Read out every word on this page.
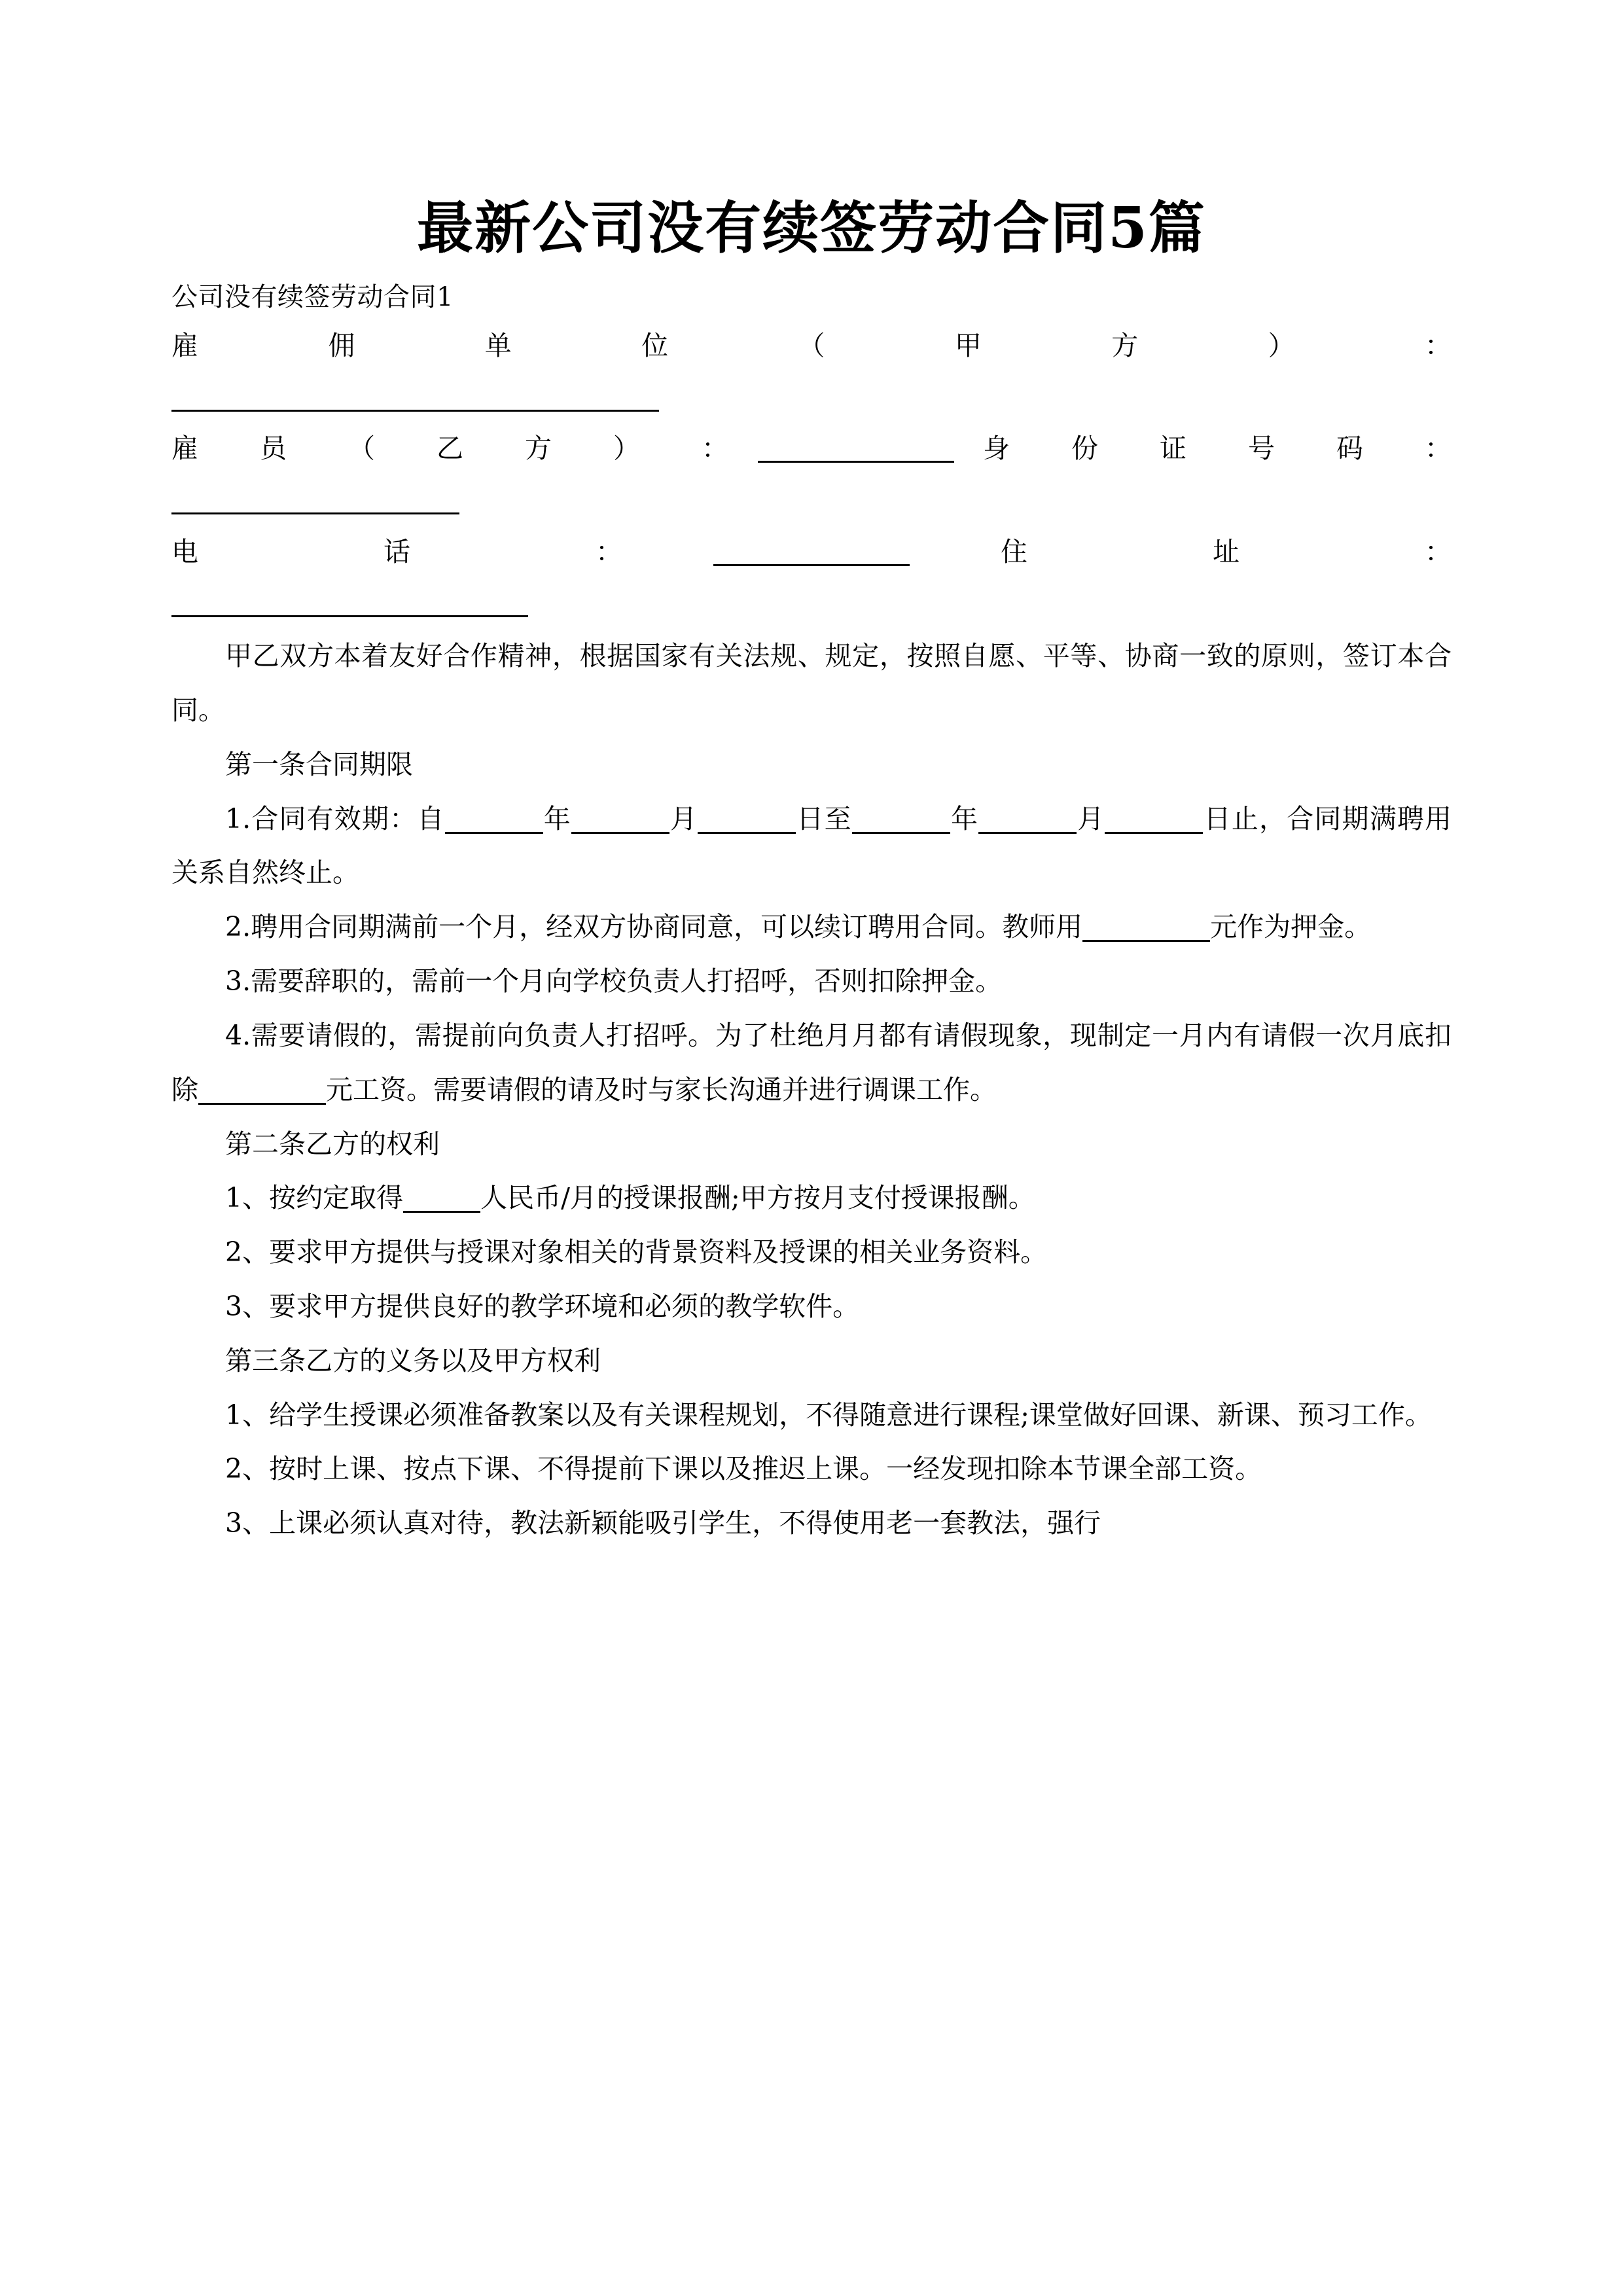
最新公司没有续签劳动合同5篇

公司没有续签劳动合同1

雇 佣 单 位 （ 甲 方 ） ：

雇 员 （ 乙 方 ） ：	身 份 证 号 码 ：

电 话 ：	住 址 ：

甲乙双方本着友好合作精神，根据国家有关法规、规定，按照自愿、平等、协商一致的原则，签订本合同。

第一条合同期限

1.合同有效期：自	年	月	日至	年	月	日止，合同期满聘用关系自然终止。

2.聘用合同期满前一个月，经双方协商同意，可以续订聘用合同。教师用	元作为押金。

3.需要辞职的，需前一个月向学校负责人打招呼，否则扣除押金。

4.需要请假的，需提前向负责人打招呼。为了杜绝月月都有请假现象，现制定一月内有请假一次月底扣除	元工资。需要请假的请及时与家长沟通并进行调课工作。

第二条乙方的权利

1、按约定取得	人民币/月的授课报酬;甲方按月支付授课报酬。

2、要求甲方提供与授课对象相关的背景资料及授课的相关业务资料。

3、要求甲方提供良好的教学环境和必须的教学软件。

第三条乙方的义务以及甲方权利

1、给学生授课必须准备教案以及有关课程规划，不得随意进行课程;课堂做好回课、新课、预习工作。

2、按时上课、按点下课、不得提前下课以及推迟上课。一经发现扣除本节课全部工资。

3、上课必须认真对待，教法新颖能吸引学生，不得使用老一套教法，强行
